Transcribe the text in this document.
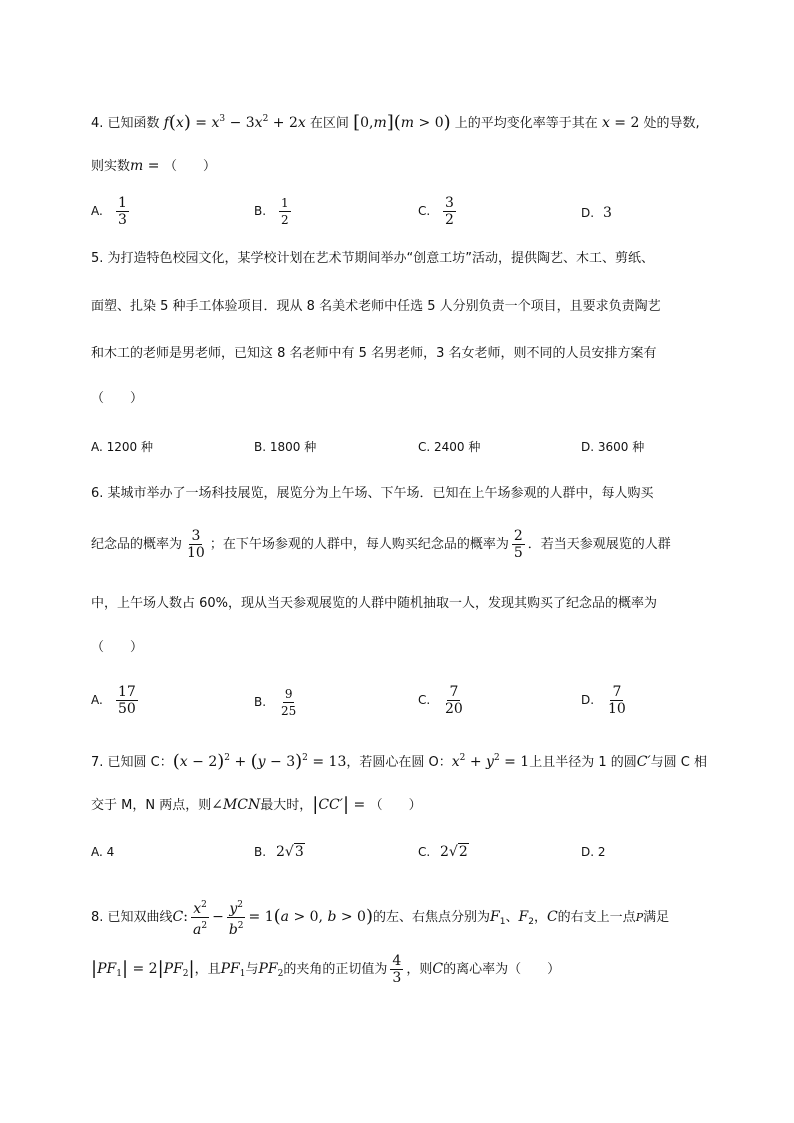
4. 已知函数 $f(x) = x^3 - 3x^2 + 2x$ 在区间 [0,m](m > 0) 上的平均变化率等于其在 x = 2 处的导数,
则实数m = （　　）
A. $\frac{1}{3}$	B. $\frac{1}{2}$	C. $\frac{3}{2}$	D. 3
5. 为打造特色校园文化，某学校计划在艺术节期间举办“创意工坊”活动，提供陶艺、木工、剪纸、
面塑、扎染 5 种手工体验项目．现从 8 名美术老师中任选 5 人分别负责一个项目，且要求负责陶艺
和木工的老师是男老师，已知这 8 名老师中有 5 名男老师，3 名女老师，则不同的人员安排方案有
（　　）
A. 1200 种	B. 1800 种	C. 2400 种	D. 3600 种
6. 某城市举办了一场科技展览，展览分为上午场、下午场．已知在上午场参观的人群中，每人购买
纪念品的概率为 $\frac{3}{10}$ ；在下午场参观的人群中，每人购买纪念品的概率为 $\frac{2}{5}$ ．若当天参观展览的人群
中，上午场人数占 60%，现从当天参观展览的人群中随机抽取一人，发现其购买了纪念品的概率为
（　　）
A. $\frac{17}{50}$	B. $\frac{9}{25}$	C. $\frac{7}{20}$	D. $\frac{7}{10}$
7. 已知圆 C：$(x - 2)^2 + (y - 3)^2 = 13$，若圆心在圆 O：$x^2 + y^2 = 1$上且半径为 1 的圆C′与圆 C 相
交于 M，N 两点，则∠MCN最大时，|CC′| = （　　）
A. 4	B. 2√3	C. 2√2	D. 2
8. 已知双曲线C: $\frac{x^2}{a^2} - \frac{y^2}{b^2} = 1(a > 0$, b > 0)的左、右焦点分别为$F_1$、$F_2$，C的右支上一点P满足
$|PF_1| = 2|PF_2|$，且$PF_1$与$PF_2$的夹角的正切值为 $\frac{4}{3}$ ，则C的离心率为（　　）
